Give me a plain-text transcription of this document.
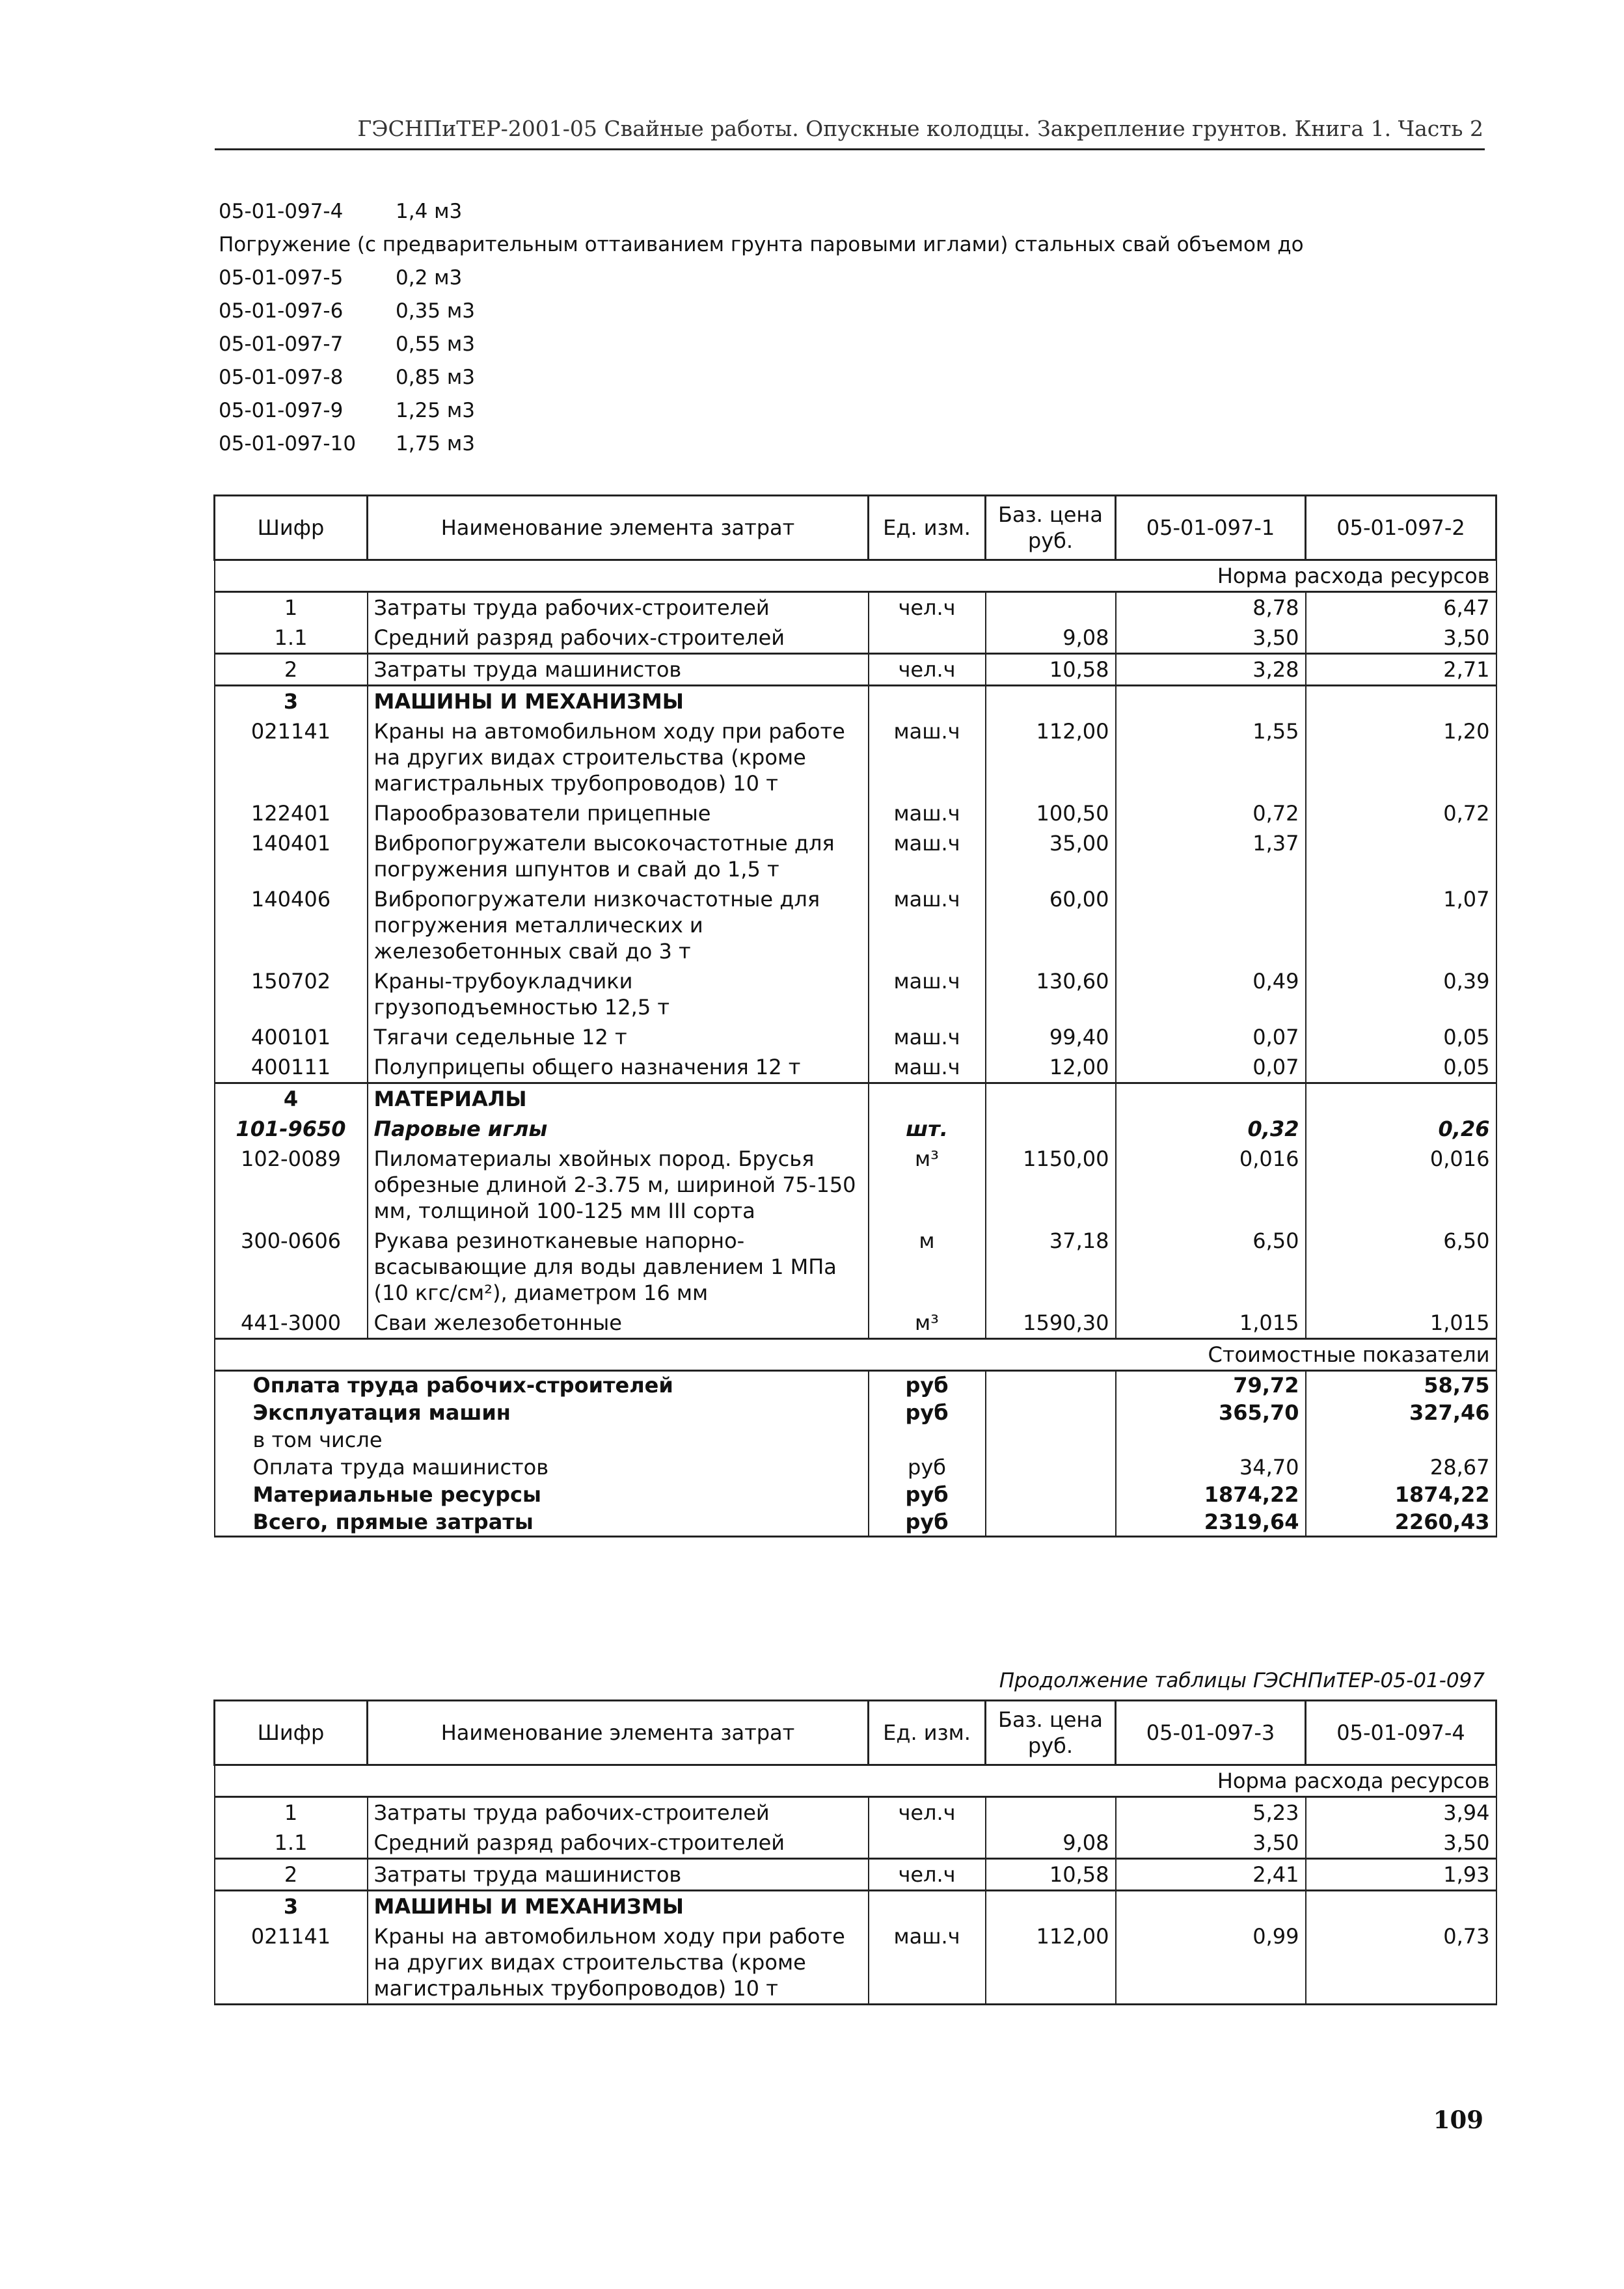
ГЭСНПиТЕР-2001-05 Свайные работы. Опускные колодцы. Закрепление грунтов. Книга 1. Часть 2
05-01-097-4	1,4 м3
Погружение (с предварительным оттаиванием грунта паровыми иглами) стальных свай объемом до
05-01-097-5	0,2 м3
05-01-097-6	0,35 м3
05-01-097-7	0,55 м3
05-01-097-8	0,85 м3
05-01-097-9	1,25 м3
05-01-097-10 1,75 м3
Шифр	Наименование элемента затрат	Ед. изм.	Баз. цена руб.	05-01-097-1	05-01-097-2
Норма расхода ресурсов					
1	Затраты труда рабочих-строителей	чел.ч		8,78	6,47
1.1	Средний разряд рабочих-строителей		9,08	3,50	3,50
2	Затраты труда машинистов	чел.ч	10,58	3,28	2,71
3	МАШИНЫ И МЕХАНИЗМЫ				
021141	Краны на автомобильном ходу при работе на других видах строительства (кроме магистральных трубопроводов) 10 т	маш.ч	112,00	1,55	1,20
122401	Парообразователи прицепные	маш.ч	100,50	0,72	0,72
140401	Вибропогружатели высокочастотные для погружения шпунтов и свай до 1,5 т	маш.ч	35,00	1,37	
140406	Вибропогружатели низкочастотные для погружения металлических и железобетонных свай до 3 т	маш.ч	60,00		1,07
150702	Краны-трубоукладчики грузоподъемностью 12,5 т	маш.ч	130,60	0,49	0,39
400101	Тягачи седельные 12 т	маш.ч	99,40	0,07	0,05
400111	Полуприцепы общего назначения 12 т	маш.ч	12,00	0,07	0,05
4	МАТЕРИАЛЫ				
101-9650	Паровые иглы	шт.		0,32	0,26
102-0089	Пиломатериалы хвойных пород. Брусья обрезные длиной 2-3.75 м, шириной 75-150 мм, толщиной 100-125 мм III сорта	м³	1150,00	0,016	0,016
300-0606	Рукава резинотканевые напорно-всасывающие для воды давлением 1 МПа (10 кгс/см²), диаметром 16 мм	м	37,18	6,50	6,50
441-3000	Сваи железобетонные	м³	1590,30	1,015	1,015
Стоимостные показатели					
Оплата труда рабочих-строителей		руб		79,72	58,75
Эксплуатация машин		руб		365,70	327,46
в том числе					
Оплата труда машинистов		руб		34,70	28,67
Материальные ресурсы		руб		1874,22	1874,22
Всего, прямые затраты		руб		2319,64	2260,43
Продолжение таблицы ГЭСНПиТЕР-05-01-097
Шифр	Наименование элемента затрат	Ед. изм.	Баз. цена руб.	05-01-097-3	05-01-097-4
Норма расхода ресурсов					
1	Затраты труда рабочих-строителей	чел.ч		5,23	3,94
1.1	Средний разряд рабочих-строителей		9,08	3,50	3,50
2	Затраты труда машинистов	чел.ч	10,58	2,41	1,93
3	МАШИНЫ И МЕХАНИЗМЫ				
021141	Краны на автомобильном ходу при работе на других видах строительства (кроме магистральных трубопроводов) 10 т	маш.ч	112,00	0,99	0,73
109
